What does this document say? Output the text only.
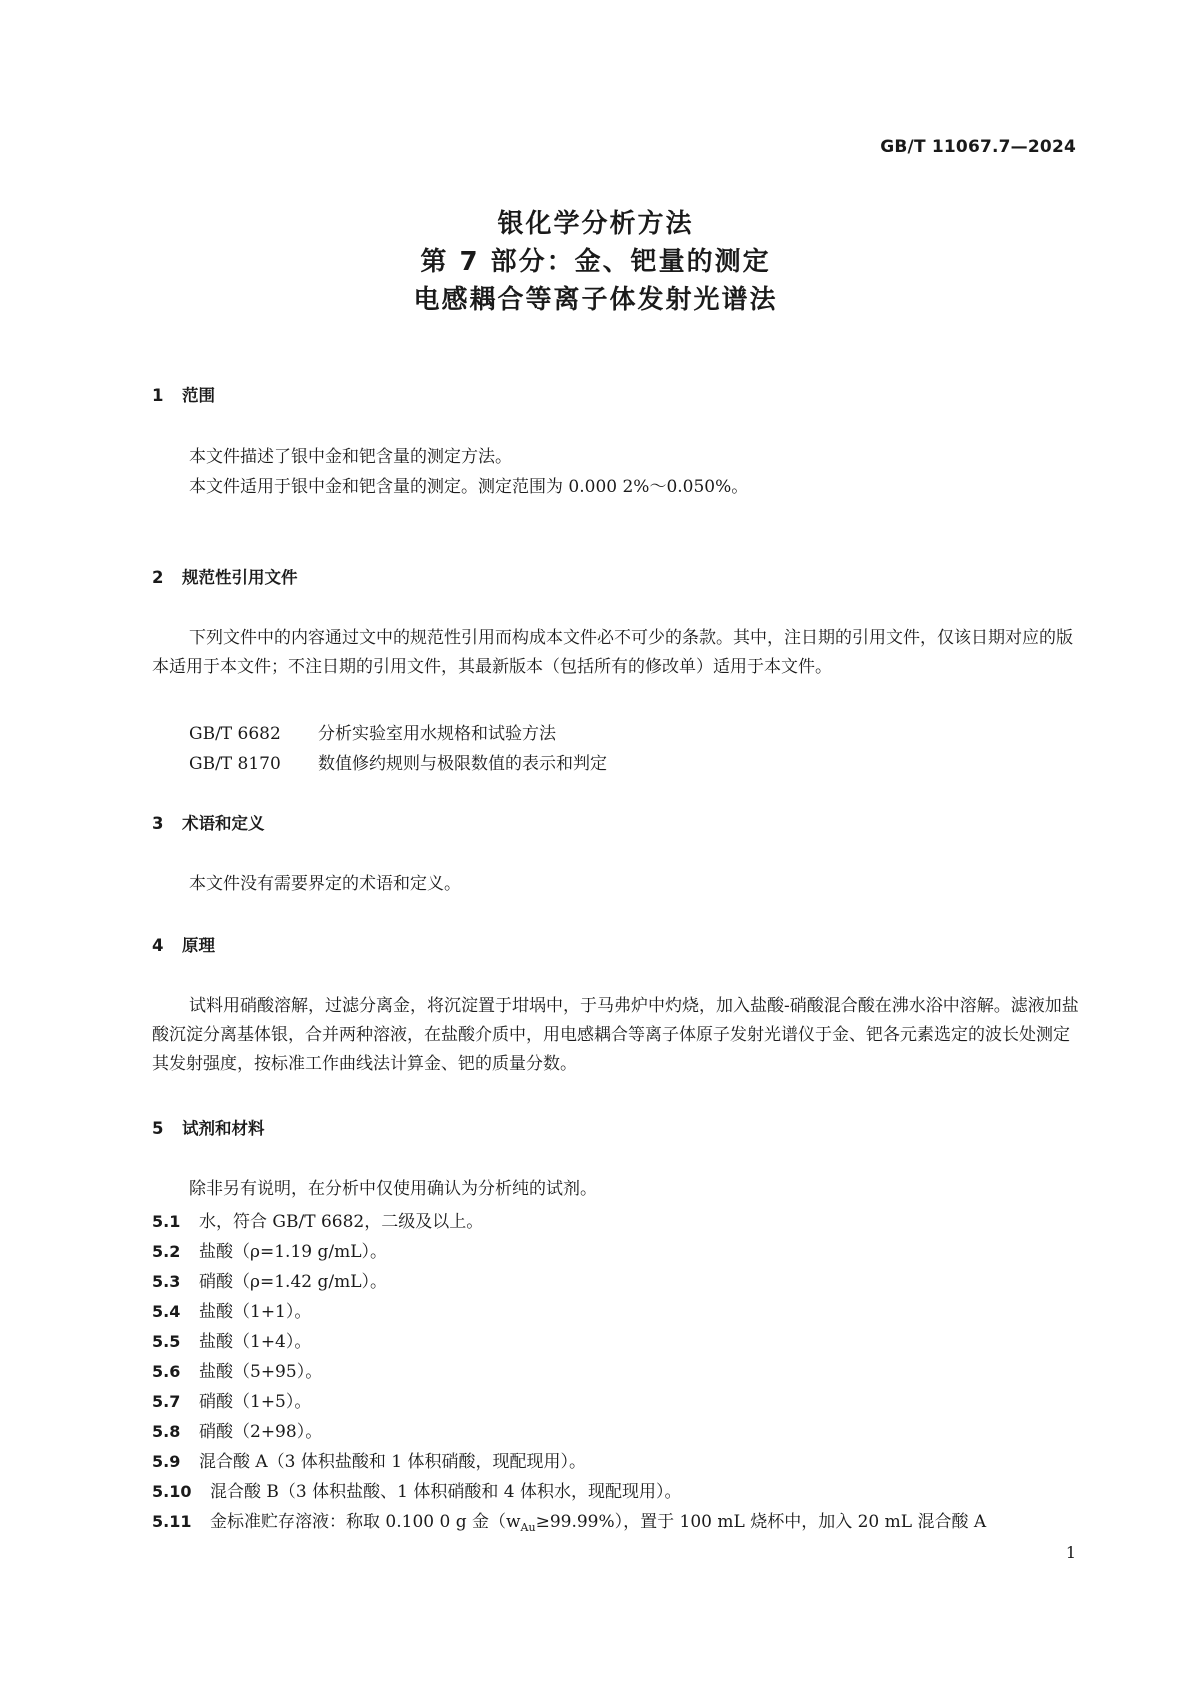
GB/T 11067.7—2024
银化学分析方法
第 7 部分：金、钯量的测定
电感耦合等离子体发射光谱法
1 范围
本文件描述了银中金和钯含量的测定方法。
本文件适用于银中金和钯含量的测定。测定范围为 0.000 2%～0.050%。
2 规范性引用文件
下列文件中的内容通过文中的规范性引用而构成本文件必不可少的条款。其中，注日期的引用文件，仅该日期对应的版本适用于本文件；不注日期的引用文件，其最新版本（包括所有的修改单）适用于本文件。
GB/T 6682 分析实验室用水规格和试验方法
GB/T 8170 数值修约规则与极限数值的表示和判定
3 术语和定义
本文件没有需要界定的术语和定义。
4 原理
试料用硝酸溶解，过滤分离金，将沉淀置于坩埚中，于马弗炉中灼烧，加入盐酸-硝酸混合酸在沸水浴中溶解。滤液加盐酸沉淀分离基体银，合并两种溶液，在盐酸介质中，用电感耦合等离子体原子发射光谱仪于金、钯各元素选定的波长处测定其发射强度，按标准工作曲线法计算金、钯的质量分数。
5 试剂和材料
除非另有说明，在分析中仅使用确认为分析纯的试剂。
5.1 水，符合 GB/T 6682，二级及以上。
5.2 盐酸（ρ=1.19 g/mL）。
5.3 硝酸（ρ=1.42 g/mL）。
5.4 盐酸（1+1）。
5.5 盐酸（1+4）。
5.6 盐酸（5+95）。
5.7 硝酸（1+5）。
5.8 硝酸（2+98）。
5.9 混合酸 A（3 体积盐酸和 1 体积硝酸，现配现用）。
5.10 混合酸 B（3 体积盐酸、1 体积硝酸和 4 体积水，现配现用）。
5.11 金标准贮存溶液：称取 0.100 0 g 金$(w_{Au}\ge 99.99\%)$，置于 100 mL 烧杯中，加入 20 mL 混合酸 A
1
